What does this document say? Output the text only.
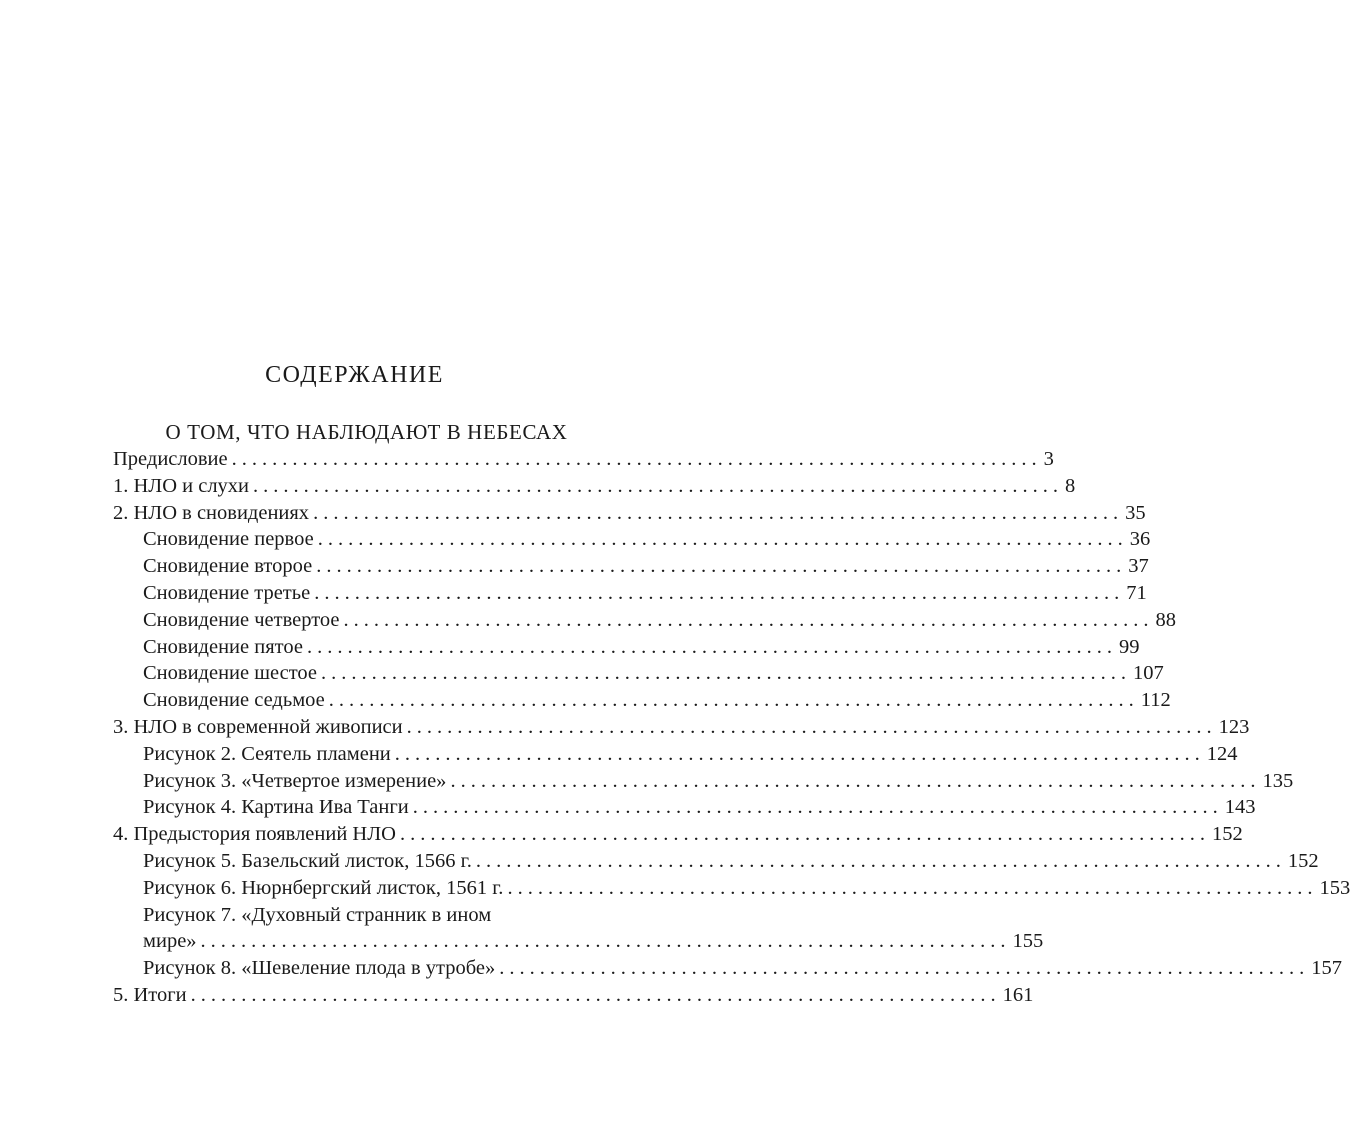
СОДЕРЖАНИЕ
О ТОМ, ЧТО НАБЛЮДАЮТ В НЕБЕСАХ
Предисловие ................................................................................ 3
1. НЛО и слухи ................................................................................ 8
2. НЛО в сновидениях ................................................................................ 35
Сновидение первое ................................................................................ 36
Сновидение второе ................................................................................ 37
Сновидение третье ................................................................................ 71
Сновидение четвертое ................................................................................ 88
Сновидение пятое ................................................................................ 99
Сновидение шестое ................................................................................ 107
Сновидение седьмое ................................................................................ 112
3. НЛО в современной живописи ................................................................................ 123
Рисунок 2. Сеятель пламени ................................................................................ 124
Рисунок 3. «Четвертое измерение» ................................................................................ 135
Рисунок 4. Картина Ива Танги ................................................................................ 143
4. Предыстория появлений НЛО ................................................................................ 152
Рисунок 5. Базельский листок, 1566 г. ................................................................................ 152
Рисунок 6. Нюрнбергский листок, 1561 г. ................................................................................ 153
Рисунок 7. «Духовный странник в ином
мире» ................................................................................ 155
Рисунок 8. «Шевеление плода в утробе» ................................................................................ 157
5. Итоги ................................................................................ 161
